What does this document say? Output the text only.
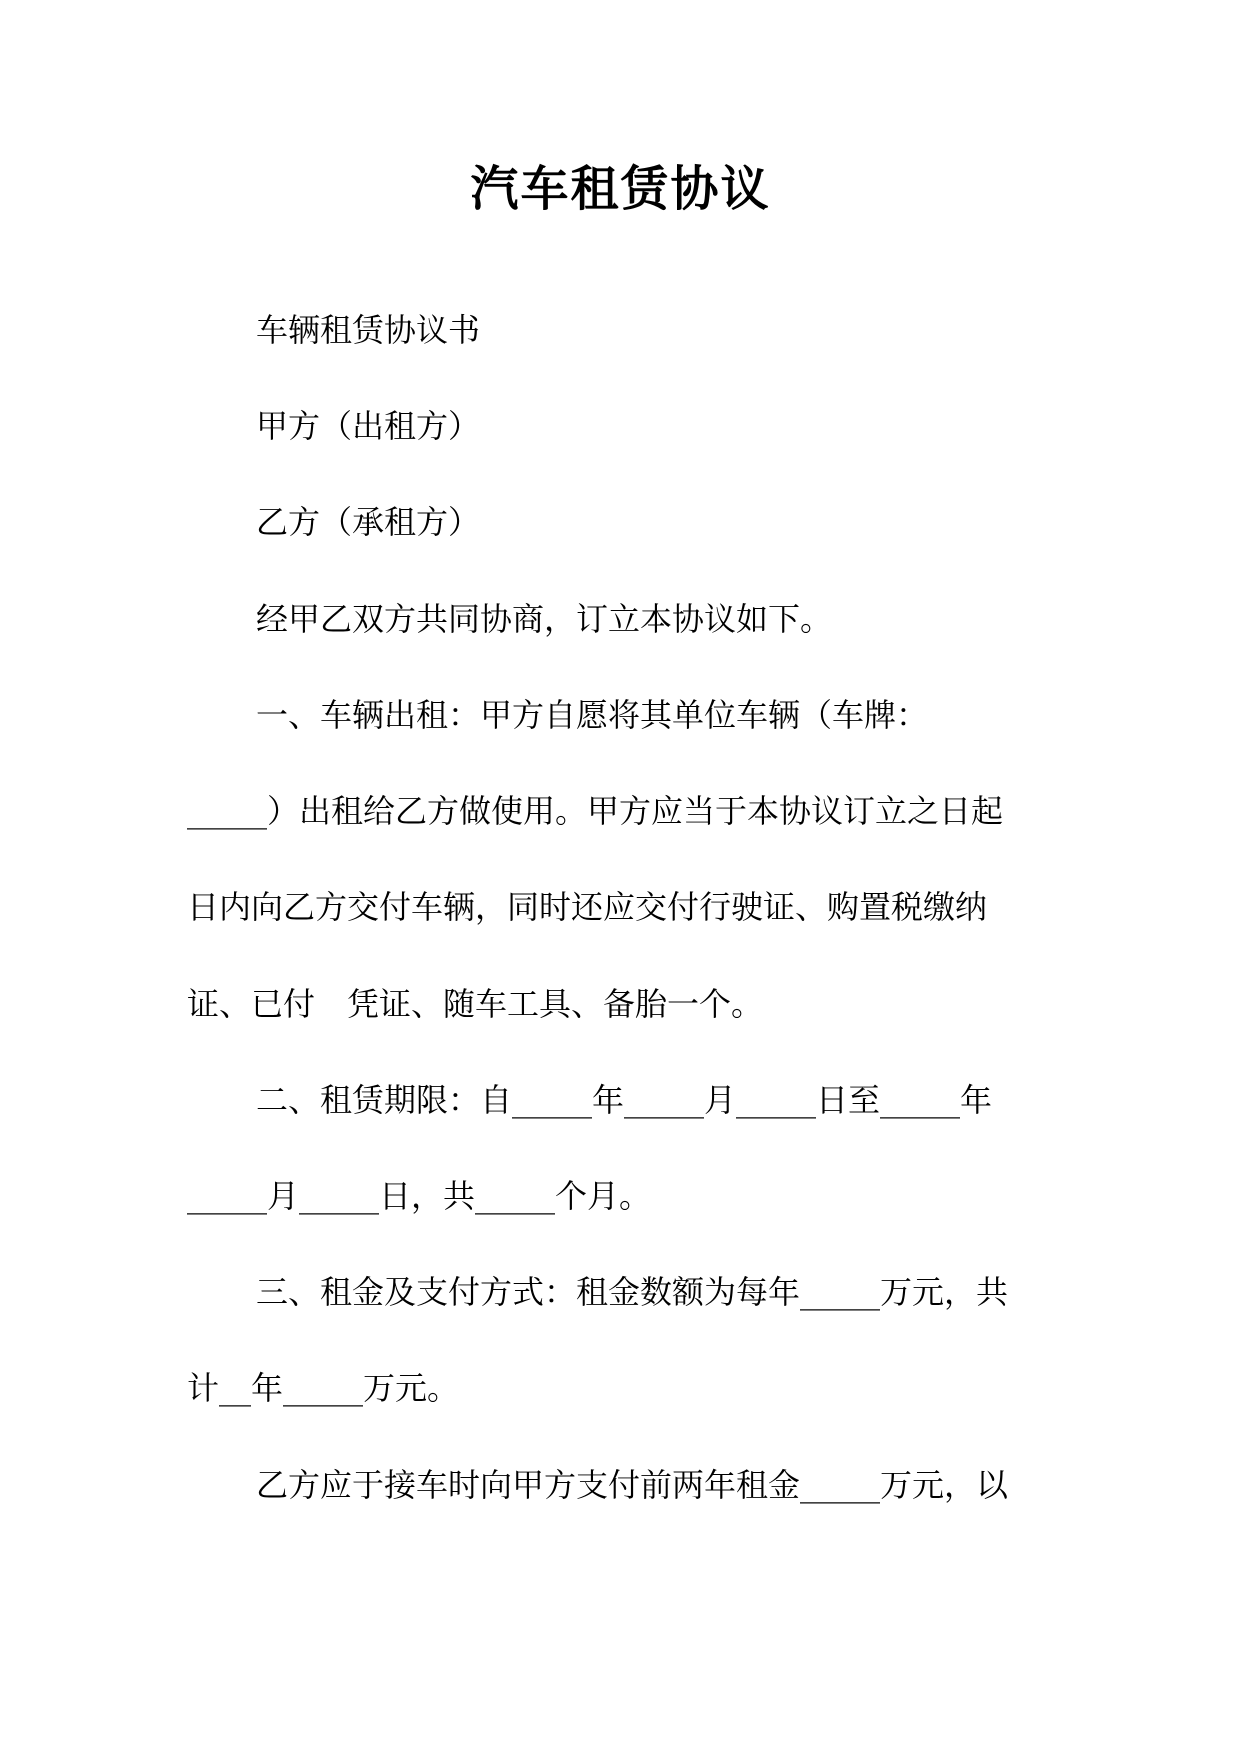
汽车租赁协议

车辆租赁协议书

甲方（出租方）

乙方（承租方）

经甲乙双方共同协商，订立本协议如下。

一、车辆出租：甲方自愿将其单位车辆（车牌：

_____）出租给乙方做使用。甲方应当于本协议订立之日起

日内向乙方交付车辆，同时还应交付行驶证、购置税缴纳

证、已付　凭证、随车工具、备胎一个。

二、租赁期限：自_____年_____月_____日至_____年

_____月_____日，共_____个月。

三、租金及支付方式：租金数额为每年_____万元，共

计__年_____万元。

乙方应于接车时向甲方支付前两年租金_____万元，以
